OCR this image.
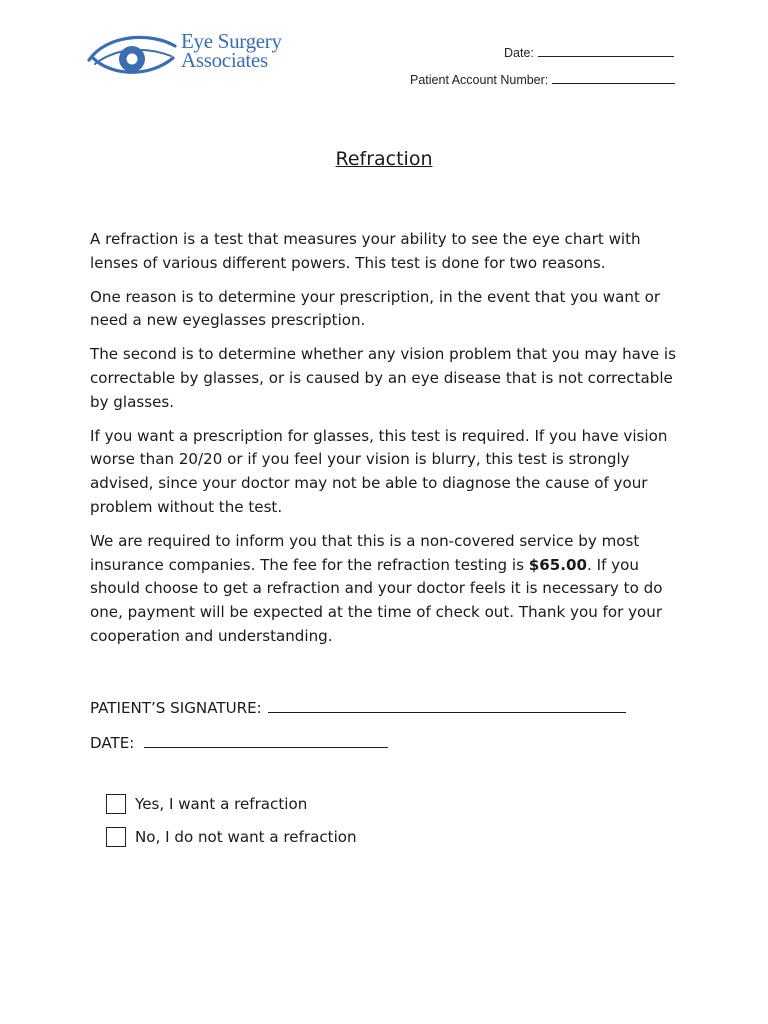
Eye Surgery
Associates	Date:
Patient Account Number:
Refraction

A refraction is a test that measures your ability to see the eye chart with lenses of various different powers. This test is done for two reasons.

One reason is to determine your prescription, in the event that you want or need a new eyeglasses prescription.

The second is to determine whether any vision problem that you may have is correctable by glasses, or is caused by an eye disease that is not correctable by glasses.

If you want a prescription for glasses, this test is required. If you have vision worse than 20/20 or if you feel your vision is blurry, this test is strongly advised, since your doctor may not be able to diagnose the cause of your problem without the test.

We are required to inform you that this is a non-covered service by most insurance companies. The fee for the refraction testing is $65.00. If you should choose to get a refraction and your doctor feels it is necessary to do one, payment will be expected at the time of check out. Thank you for your cooperation and understanding.

PATIENT’S SIGNATURE:
DATE:
Yes, I want a refraction
No, I do not want a refraction
